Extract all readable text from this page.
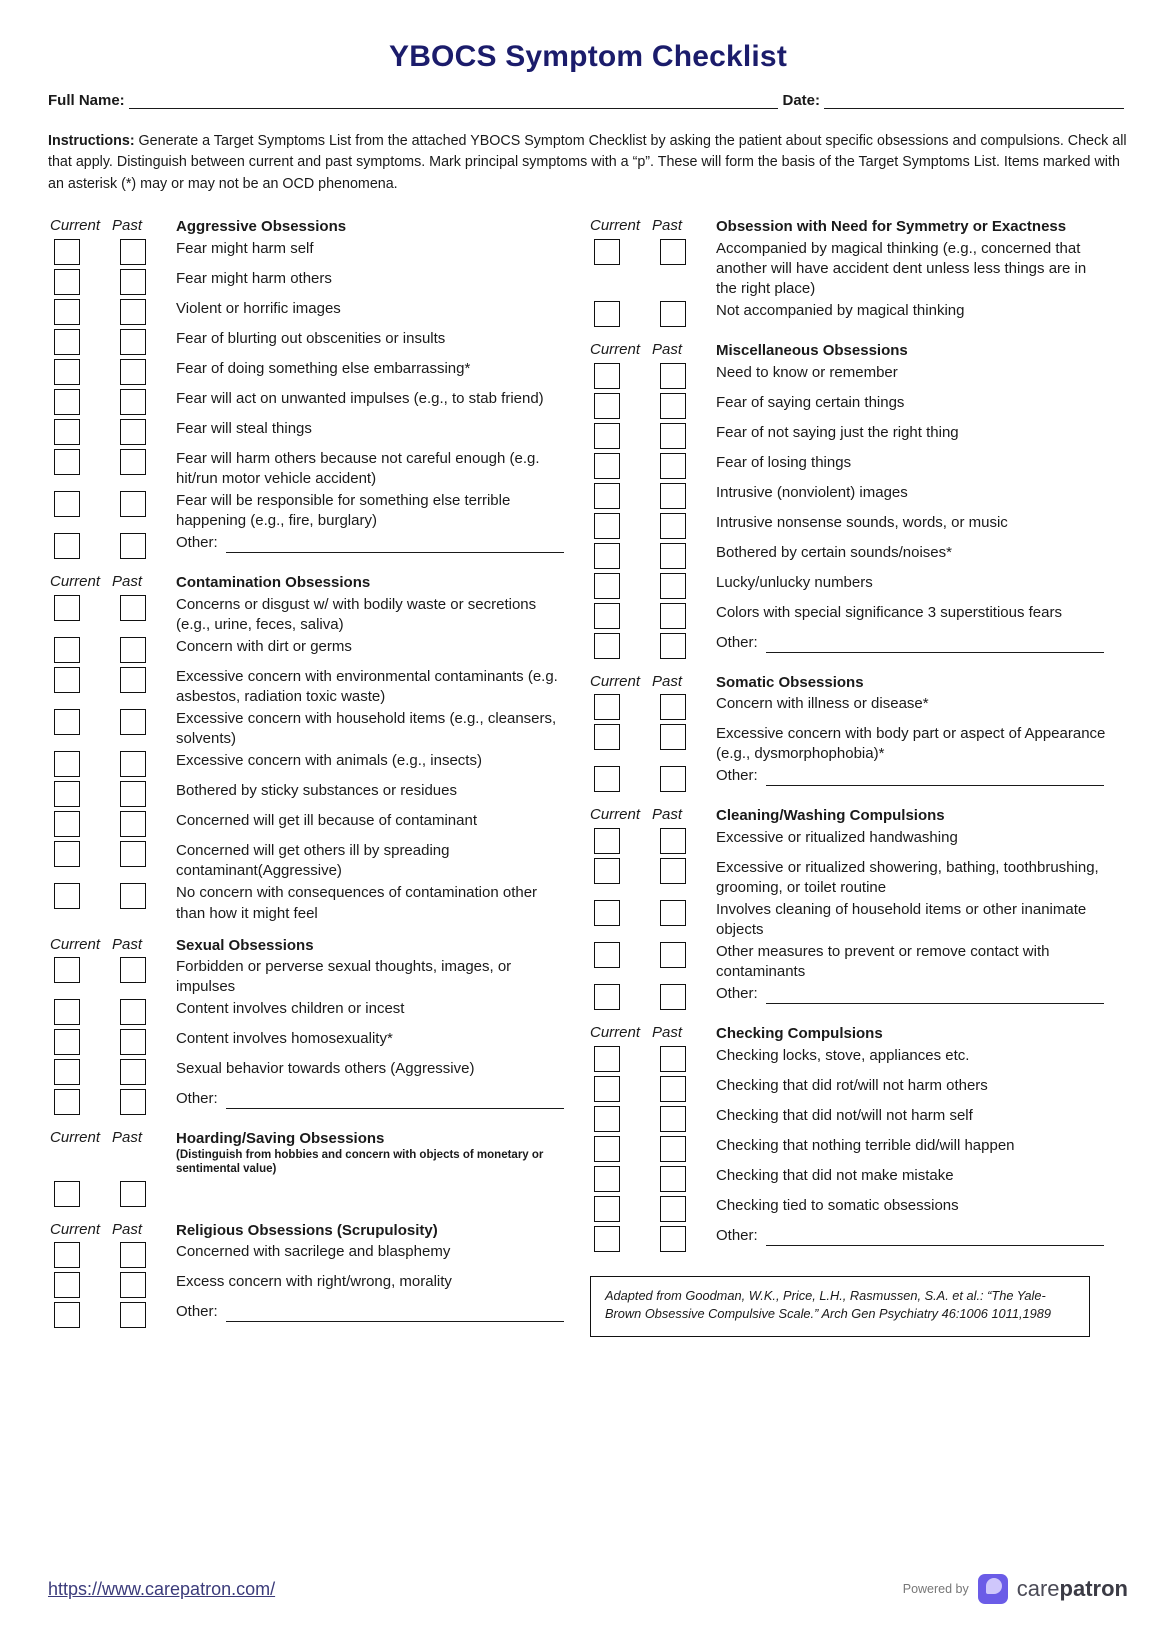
YBOCS Symptom Checklist
Full Name:	Date:
Instructions: Generate a Target Symptoms List from the attached YBOCS Symptom Checklist by asking the patient about specific obsessions and compulsions. Check all that apply. Distinguish between current and past symptoms. Mark principal symptoms with a “p”. These will form the basis of the Target Symptoms List. Items marked with an asterisk (*) may or may not be an OCD phenomena.
Current Past	Aggressive Obsessions
Fear might harm self
Fear might harm others
Violent or horrific images
Fear of blurting out obscenities or insults
Fear of doing something else embarrassing*
Fear will act on unwanted impulses (e.g., to stab friend)
Fear will steal things
Fear will harm others because not careful enough (e.g. hit/run motor vehicle accident)
Fear will be responsible for something else terrible happening (e.g., fire, burglary)
Other:
Current Past	Contamination Obsessions
Concerns or disgust w/ with bodily waste or secretions (e.g., urine, feces, saliva)
Concern with dirt or germs
Excessive concern with environmental contaminants (e.g. asbestos, radiation toxic waste)
Excessive concern with household items (e.g., cleansers, solvents)
Excessive concern with animals (e.g., insects)
Bothered by sticky substances or residues
Concerned will get ill because of contaminant
Concerned will get others ill by spreading contaminant(Aggressive)
No concern with consequences of contamination other than how it might feel
Current Past	Sexual Obsessions
Forbidden or perverse sexual thoughts, images, or impulses
Content involves children or incest
Content involves homosexuality*
Sexual behavior towards others (Aggressive)
Other:
Current Past	Hoarding/Saving Obsessions
(Distinguish from hobbies and concern with objects of monetary or sentimental value)
Current Past	Religious Obsessions (Scrupulosity)
Concerned with sacrilege and blasphemy
Excess concern with right/wrong, morality
Other:
Current Past	Obsession with Need for Symmetry or Exactness
Accompanied by magical thinking (e.g., concerned that another will have accident dent unless less things are in the right place)
Not accompanied by magical thinking
Current Past	Miscellaneous Obsessions
Need to know or remember
Fear of saying certain things
Fear of not saying just the right thing
Fear of losing things
Intrusive (nonviolent) images
Intrusive nonsense sounds, words, or music
Bothered by certain sounds/noises*
Lucky/unlucky numbers
Colors with special significance 3 superstitious fears
Other:
Current Past	Somatic Obsessions
Concern with illness or disease*
Excessive concern with body part or aspect of Appearance (e.g., dysmorphophobia)*
Other:
Current Past	Cleaning/Washing Compulsions
Excessive or ritualized handwashing
Excessive or ritualized showering, bathing, toothbrushing, grooming, or toilet routine
Involves cleaning of household items or other inanimate objects
Other measures to prevent or remove contact with contaminants
Other:
Current Past	Checking Compulsions
Checking locks, stove, appliances etc.
Checking that did rot/will not harm others
Checking that did not/will not harm self
Checking that nothing terrible did/will happen
Checking that did not make mistake
Checking tied to somatic obsessions
Other:
Adapted from Goodman, W.K., Price, L.H., Rasmussen, S.A. et al.: “The Yale-Brown Obsessive Compulsive Scale.” Arch Gen Psychiatry 46:1006 1011,1989
https://www.carepatron.com/	Powered by carepatron
